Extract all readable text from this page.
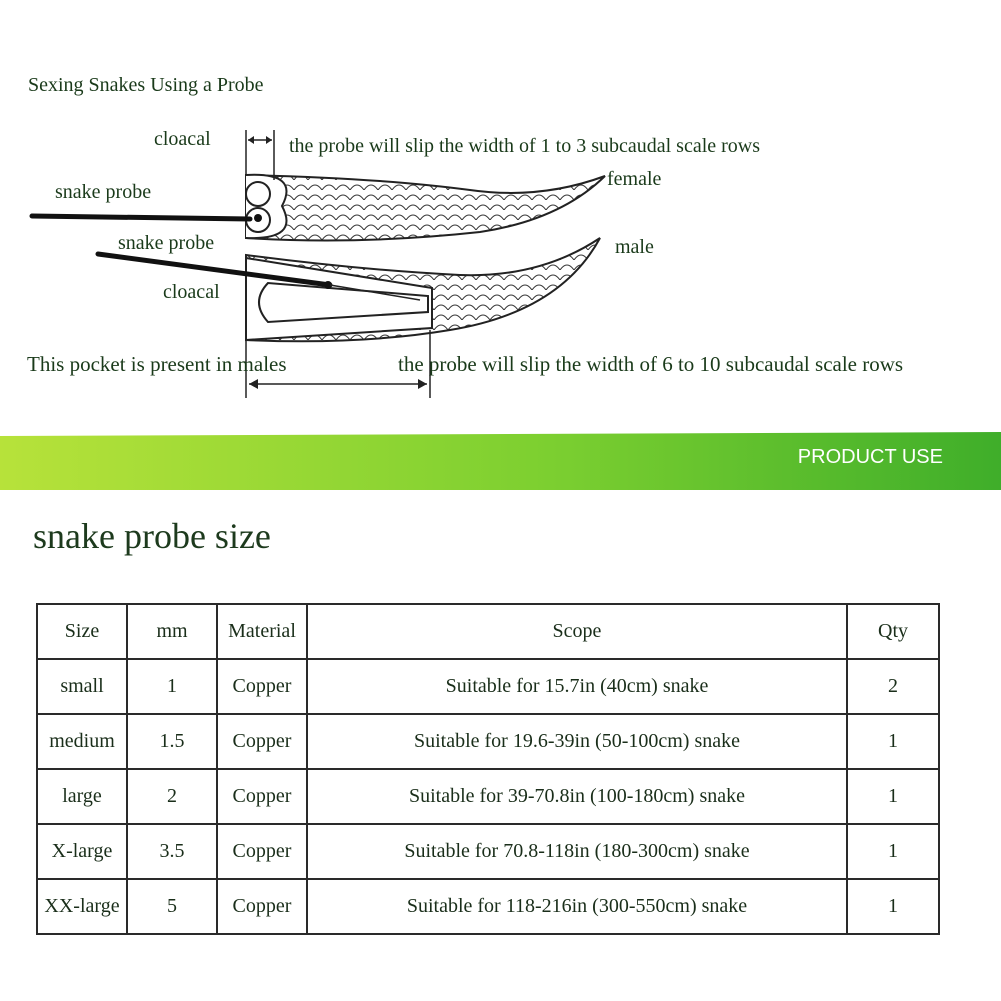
Sexing Snakes Using a Probe
cloacal	the probe will slip the width of 1 to 3 subcaudal scale rows
female
snake probe
snake probe	male
cloacal
This pocket is present in males	the probe will slip the width of 6 to 10 subcaudal scale rows
PRODUCT USE
snake probe size
Size	mm	Material	Scope	Qty
small	1	Copper	Suitable for 15.7in (40cm) snake	2
medium	1.5	Copper	Suitable for 19.6-39in (50-100cm) snake	1
large	2	Copper	Suitable for 39-70.8in (100-180cm) snake	1
X-large	3.5	Copper	Suitable for 70.8-118in (180-300cm) snake	1
XX-large	5	Copper	Suitable for 118-216in (300-550cm) snake	1
